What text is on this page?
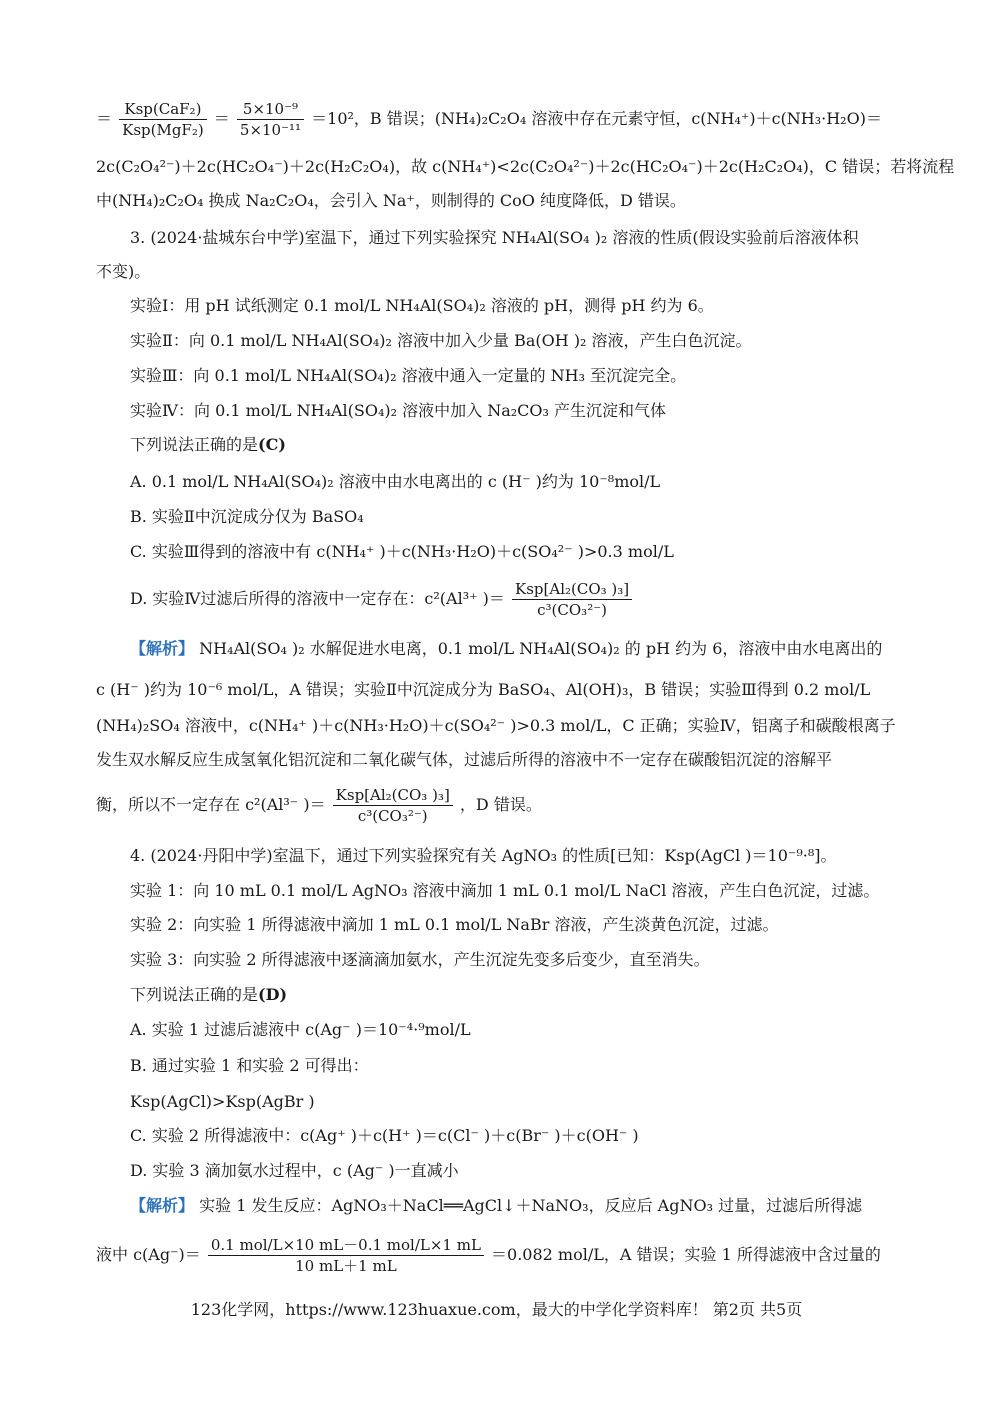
＝ $\frac{\text{Ksp(CaF₂)}}{\text{Ksp(MgF₂)}} = \frac{\text{5×10⁻⁹}}{\text{5×10⁻¹¹}} =10^2$，B 错误；(NH₄)₂C₂O₄ 溶液中存在元素守恒，c(NH₄⁺)＋c(NH₃·H₂O)＝
2c(C₂O₄²⁻)＋2c(HC₂O₄⁻)＋2c(H₂C₂O₄)，故 c(NH₄⁺)<2c(C₂O₄²⁻)＋2c(HC₂O₄⁻)＋2c(H₂C₂O₄)，C 错误；若将流程
中(NH₄)₂C₂O₄ 换成 Na₂C₂O₄，会引入 Na⁺，则制得的 CoO 纯度降低，D 错误。
3. (2024·盐城东台中学)室温下，通过下列实验探究 NH₄Al(SO₄ )₂ 溶液的性质(假设实验前后溶液体积
不变)。
实验Ⅰ：用 pH 试纸测定 0.1 mol/L NH₄Al(SO₄)₂ 溶液的 pH，测得 pH 约为 6。
实验Ⅱ：向 0.1 mol/L NH₄Al(SO₄)₂ 溶液中加入少量 Ba(OH )₂ 溶液，产生白色沉淀。
实验Ⅲ：向 0.1 mol/L NH₄Al(SO₄)₂ 溶液中通入一定量的 NH₃ 至沉淀完全。
实验Ⅳ：向 0.1 mol/L NH₄Al(SO₄)₂ 溶液中加入 Na₂CO₃ 产生沉淀和气体
下列说法正确的是(C)
A. 0.1 mol/L NH₄Al(SO₄)₂ 溶液中由水电离出的 c (H⁻ )约为 10⁻⁸mol/L
B. 实验Ⅱ中沉淀成分仅为 BaSO₄
C. 实验Ⅲ得到的溶液中有 c(NH₄⁺ )＋c(NH₃·H₂O)＋c(SO₄²⁻ )>0.3 mol/L
D. 实验Ⅳ过滤后所得的溶液中一定存在：c²(Al³⁺ )＝ $\frac{\text{Ksp[Al₂(CO₃ )₃]}}{\text{c³(CO₃²⁻)}}$
【解析】 NH₄Al(SO₄ )₂ 水解促进水电离，0.1 mol/L NH₄Al(SO₄)₂ 的 pH 约为 6，溶液中由水电离出的
c (H⁻ )约为 10⁻⁶ mol/L，A 错误；实验Ⅱ中沉淀成分为 BaSO₄、Al(OH)₃，B 错误；实验Ⅲ得到 0.2 mol/L
(NH₄)₂SO₄ 溶液中，c(NH₄⁺ )＋c(NH₃·H₂O)＋c(SO₄²⁻ )>0.3 mol/L，C 正确；实验Ⅳ，铝离子和碳酸根离子
发生双水解反应生成氢氧化铝沉淀和二氧化碳气体，过滤后所得的溶液中不一定存在碳酸铝沉淀的溶解平
衡，所以不一定存在 c²(Al³⁻ )＝ $\frac{\text{Ksp[Al₂(CO₃ )₃]}}{\text{c³(CO₃²⁻)}}$ ，D 错误。
4. (2024·丹阳中学)室温下，通过下列实验探究有关 AgNO₃ 的性质[已知：Ksp(AgCl )＝10⁻⁹·⁸]。
实验 1：向 10 mL 0.1 mol/L AgNO₃ 溶液中滴加 1 mL 0.1 mol/L NaCl 溶液，产生白色沉淀，过滤。
实验 2：向实验 1 所得滤液中滴加 1 mL 0.1 mol/L NaBr 溶液，产生淡黄色沉淀，过滤。
实验 3：向实验 2 所得滤液中逐滴滴加氨水，产生沉淀先变多后变少，直至消失。
下列说法正确的是(D)
A. 实验 1 过滤后滤液中 c(Ag⁻ )＝10⁻⁴·⁹mol/L
B. 通过实验 1 和实验 2 可得出：
Ksp(AgCl)>Ksp(AgBr )
C. 实验 2 所得滤液中：c(Ag⁺ )＋c(H⁺ )＝c(Cl⁻ )＋c(Br⁻ )＋c(OH⁻ )
D. 实验 3 滴加氨水过程中，c (Ag⁻ )一直减小
【解析】 实验 1 发生反应：AgNO₃＋NaCl══AgCl↓＋NaNO₃，反应后 AgNO₃ 过量，过滤后所得滤
液中 $c(Ag^-)= \frac{\text{0.1 mol/L×10 mL－0.1 mol/L×1 mL}}{10 mL+1 mL} =0.082$ mol/L，A 错误；实验 1 所得滤液中含过量的
123化学网，https://www.123huaxue.com，最大的中学化学资料库！ 第2页 共5页
